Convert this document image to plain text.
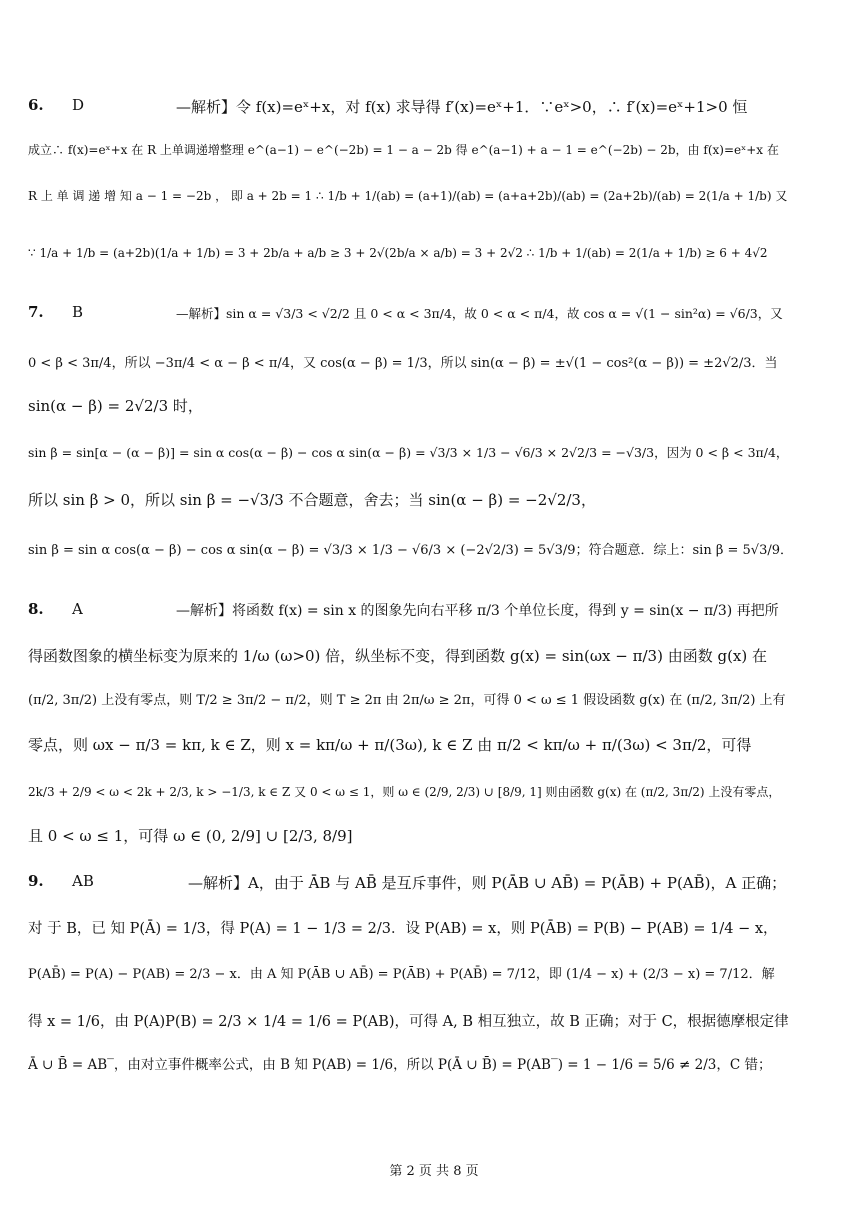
6. D	—解析】令 f(x)=eˣ+x，对 f(x) 求导得 f′(x)=eˣ+1．∵eˣ>0，∴ f′(x)=eˣ+1>0 恒
成立∴ f(x)=eˣ+x 在 R 上单调递增整理 e^(a−1) − e^(−2b) = 1 − a − 2b 得 e^(a−1) + a − 1 = e^(−2b) − 2b，由 f(x)=eˣ+x 在
R 上 单 调 递 增 知 a − 1 = −2b ， 即 a + 2b = 1 ∴ 1/b + 1/(ab) = (a+1)/(ab) = (a+a+2b)/(ab) = (2a+2b)/(ab) = 2(1/a + 1/b) 又
∵ 1/a + 1/b = (a+2b)(1/a + 1/b) = 3 + 2b/a + a/b ≥ 3 + 2√(2b/a × a/b) = 3 + 2√2 ∴ 1/b + 1/(ab) = 2(1/a + 1/b) ≥ 6 + 4√2
7. B	—解析】sin α = √3/3 < √2/2 且 0 < α < 3π/4，故 0 < α < π/4，故 cos α = √(1 − sin²α) = √6/3，又
0 < β < 3π/4，所以 −3π/4 < α − β < π/4，又 cos(α − β) = 1/3，所以 sin(α − β) = ±√(1 − cos²(α − β)) = ±2√2/3．当
sin(α − β) = 2√2/3 时，
sin β = sin[α − (α − β)] = sin α cos(α − β) − cos α sin(α − β) = √3/3 × 1/3 − √6/3 × 2√2/3 = −√3/3，因为 0 < β < 3π/4，
所以 sin β > 0，所以 sin β = −√3/3 不合题意，舍去；当 sin(α − β) = −2√2/3，
sin β = sin α cos(α − β) − cos α sin(α − β) = √3/3 × 1/3 − √6/3 × (−2√2/3) = 5√3/9；符合题意．综上：sin β = 5√3/9．
8. A	—解析】将函数 f(x) = sin x 的图象先向右平移 π/3 个单位长度，得到 y = sin(x − π/3) 再把所
得函数图象的横坐标变为原来的 1/ω (ω>0) 倍，纵坐标不变，得到函数 g(x) = sin(ωx − π/3) 由函数 g(x) 在
(π/2, 3π/2) 上没有零点，则 T/2 ≥ 3π/2 − π/2，则 T ≥ 2π 由 2π/ω ≥ 2π，可得 0 < ω ≤ 1 假设函数 g(x) 在 (π/2, 3π/2) 上有
零点，则 ωx − π/3 = kπ, k ∈ Z，则 x = kπ/ω + π/(3ω), k ∈ Z 由 π/2 < kπ/ω + π/(3ω) < 3π/2，可得
2k/3 + 2/9 < ω < 2k + 2/3, k > −1/3, k ∈ Z 又 0 < ω ≤ 1，则 ω ∈ (2/9, 2/3) ∪ [8/9, 1] 则由函数 g(x) 在 (π/2, 3π/2) 上没有零点，
且 0 < ω ≤ 1，可得 ω ∈ (0, 2/9] ∪ [2/3, 8/9]
9. AB	—解析】A，由于 ĀB 与 AB̄ 是互斥事件，则 P(ĀB ∪ AB̄) = P(ĀB) + P(AB̄)，A 正确；
对 于 B，已 知 P(Ā) = 1/3，得 P(A) = 1 − 1/3 = 2/3．设 P(AB) = x，则 P(ĀB) = P(B) − P(AB) = 1/4 − x，
P(AB̄) = P(A) − P(AB) = 2/3 − x．由 A 知 P(ĀB ∪ AB̄) = P(ĀB) + P(AB̄) = 7/12，即 (1/4 − x) + (2/3 − x) = 7/12．解
得 x = 1/6，由 P(A)P(B) = 2/3 × 1/4 = 1/6 = P(AB)，可得 A, B 相互独立，故 B 正确；对于 C，根据德摩根定律
Ā ∪ B̄ = AB‾，由对立事件概率公式，由 B 知 P(AB) = 1/6，所以 P(Ā ∪ B̄) = P(AB‾) = 1 − 1/6 = 5/6 ≠ 2/3，C 错；
第 2 页 共 8 页
